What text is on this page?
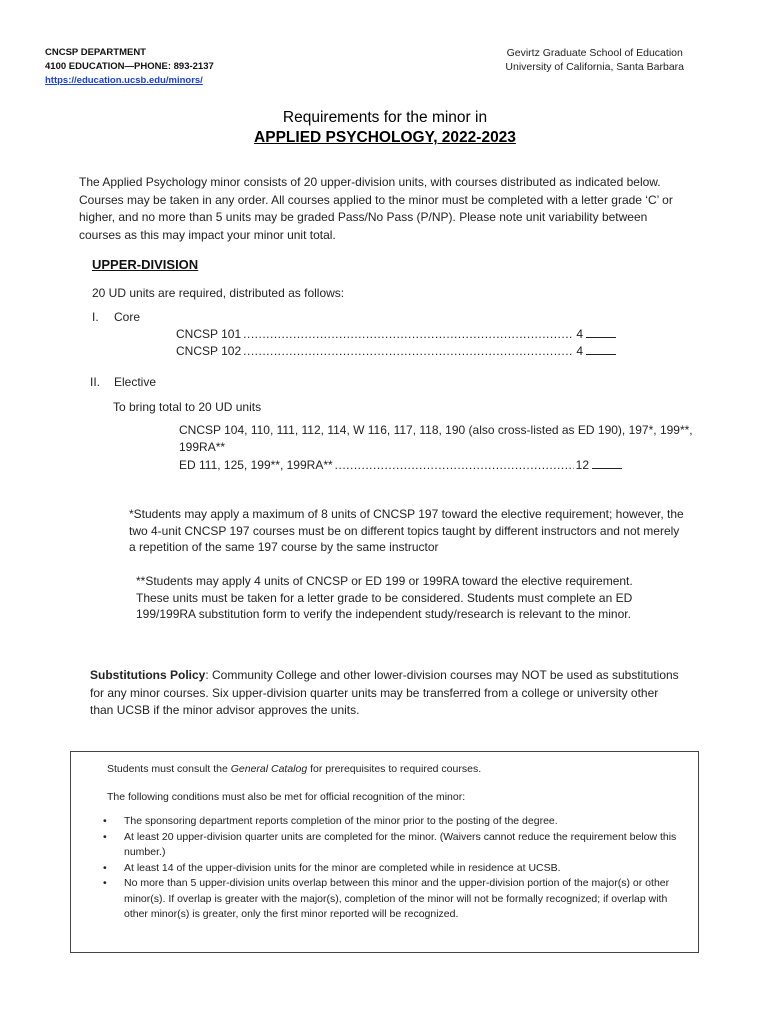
CNCSP DEPARTMENT
4100 EDUCATION—PHONE: 893-2137
https://education.ucsb.edu/minors/
Gevirtz Graduate School of Education
University of California, Santa Barbara
Requirements for the minor in
APPLIED PSYCHOLOGY, 2022-2023
The Applied Psychology minor consists of 20 upper-division units, with courses distributed as indicated below. Courses may be taken in any order. All courses applied to the minor must be completed with a letter grade ‘C’ or higher, and no more than 5 units may be graded Pass/No Pass (P/NP). Please note unit variability between courses as this may impact your minor unit total.
UPPER-DIVISION
20 UD units are required, distributed as follows:
I. Core
CNCSP 101 .....	4
CNCSP 102 .....	4
II. Elective
To bring total to 20 UD units
CNCSP 104, 110, 111, 112, 114, W 116, 117, 118, 190 (also cross-listed as ED 190), 197*, 199**, 199RA**
ED 111, 125, 199**, 199RA** .....	12
*Students may apply a maximum of 8 units of CNCSP 197 toward the elective requirement; however, the two 4-unit CNCSP 197 courses must be on different topics taught by different instructors and not merely a repetition of the same 197 course by the same instructor
**Students may apply 4 units of CNCSP or ED 199 or 199RA toward the elective requirement. These units must be taken for a letter grade to be considered. Students must complete an ED 199/199RA substitution form to verify the independent study/research is relevant to the minor.
Substitutions Policy: Community College and other lower-division courses may NOT be used as substitutions for any minor courses. Six upper-division quarter units may be transferred from a college or university other than UCSB if the minor advisor approves the units.
Students must consult the General Catalog for prerequisites to required courses.
The following conditions must also be met for official recognition of the minor:
• The sponsoring department reports completion of the minor prior to the posting of the degree.
• At least 20 upper-division quarter units are completed for the minor. (Waivers cannot reduce the requirement below this number.)
• At least 14 of the upper-division units for the minor are completed while in residence at UCSB.
• No more than 5 upper-division units overlap between this minor and the upper-division portion of the major(s) or other minor(s). If overlap is greater with the major(s), completion of the minor will not be formally recognized; if overlap with other minor(s) is greater, only the first minor reported will be recognized.
